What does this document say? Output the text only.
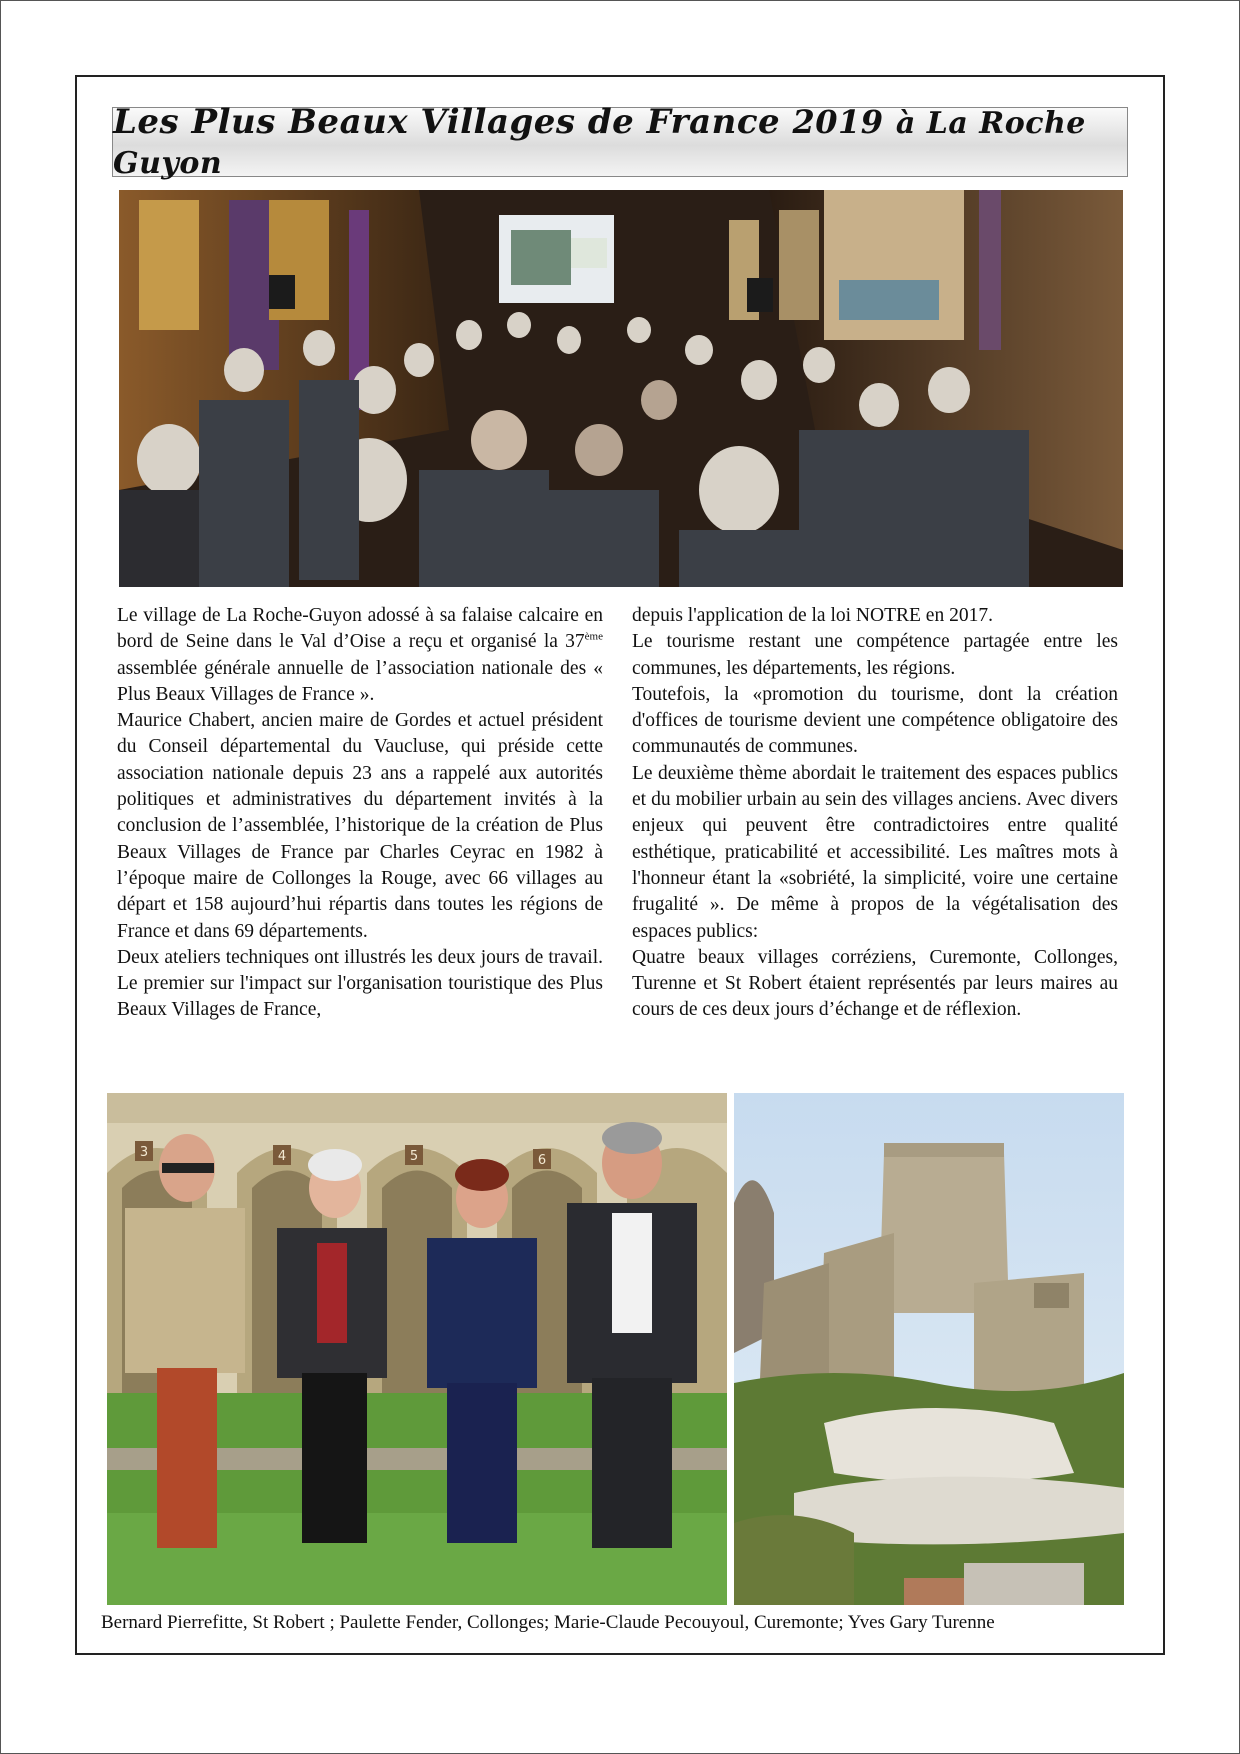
Les Plus Beaux Villages de France 2019 à La Roche Guyon

Le village de La Roche-Guyon adossé à sa falaise calcaire en bord de Seine dans le Val d’Oise a reçu et organisé la 37ème assemblée générale annuelle de l’association nationale des « Plus Beaux Villages de France ».

Maurice Chabert, ancien maire de Gordes et actuel président du Conseil départemental du Vaucluse, qui préside cette association nationale depuis 23 ans a rappelé aux autorités politiques et administratives du département invités à la conclusion de l’assemblée, l’historique de la création de Plus Beaux Villages de France par Charles Ceyrac en 1982 à l’époque maire de Collonges la Rouge, avec 66 villages au départ et 158 aujourd’hui répartis dans toutes les régions de France et dans 69 départements.

Deux ateliers techniques ont illustrés les deux jours de travail. Le premier sur l'impact sur l'organisation touristique des Plus Beaux Villages de France,

depuis l'application de la loi NOTRE en 2017.

Le tourisme restant une compétence partagée entre les communes, les départements, les régions.

Toutefois, la «promotion du tourisme, dont la création d'offices de tourisme devient une compétence obligatoire des communautés de communes.

Le deuxième thème abordait le traitement des espaces publics et du mobilier urbain au sein des villages anciens. Avec divers enjeux qui peuvent être contradictoires entre qualité esthétique, praticabilité et accessibilité. Les maîtres mots à l'honneur étant la «sobriété, la simplicité, voire une certaine frugalité ». De même à propos de la végétalisation des espaces publics:

Quatre beaux villages corréziens, Curemonte, Collonges, Turenne et St Robert étaient représentés par leurs maires au cours de ces deux jours d’échange et de réflexion.

3	4	5	6
Bernard Pierrefitte, St Robert ; Paulette Fender, Collonges; Marie-Claude Pecouyoul, Curemonte; Yves Gary Turenne
